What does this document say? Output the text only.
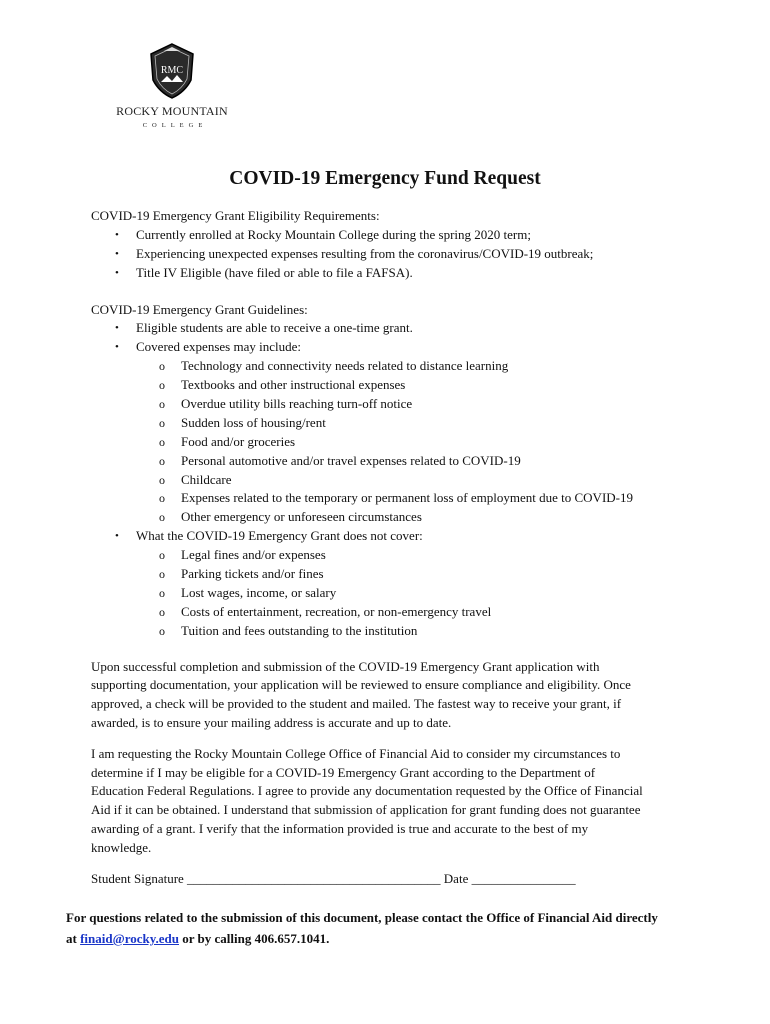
RMC
ROCKY MOUNTAIN
COLLEGE
COVID-19 Emergency Fund Request
COVID-19 Emergency Grant Eligibility Requirements:
• Currently enrolled at Rocky Mountain College during the spring 2020 term;
• Experiencing unexpected expenses resulting from the coronavirus/COVID-19 outbreak;
• Title IV Eligible (have filed or able to file a FAFSA).
COVID-19 Emergency Grant Guidelines:
• Eligible students are able to receive a one-time grant.
• Covered expenses may include:
o Technology and connectivity needs related to distance learning
o Textbooks and other instructional expenses
o Overdue utility bills reaching turn-off notice
o Sudden loss of housing/rent
o Food and/or groceries
o Personal automotive and/or travel expenses related to COVID-19
o Childcare
o Expenses related to the temporary or permanent loss of employment due to COVID-19
o Other emergency or unforeseen circumstances
• What the COVID-19 Emergency Grant does not cover:
o Legal fines and/or expenses
o Parking tickets and/or fines
o Lost wages, income, or salary
o Costs of entertainment, recreation, or non-emergency travel
o Tuition and fees outstanding to the institution
Upon successful completion and submission of the COVID-19 Emergency Grant application with
supporting documentation, your application will be reviewed to ensure compliance and eligibility. Once
approved, a check will be provided to the student and mailed. The fastest way to receive your grant, if
awarded, is to ensure your mailing address is accurate and up to date.
I am requesting the Rocky Mountain College Office of Financial Aid to consider my circumstances to
determine if I may be eligible for a COVID-19 Emergency Grant according to the Department of
Education Federal Regulations. I agree to provide any documentation requested by the Office of Financial
Aid if it can be obtained. I understand that submission of application for grant funding does not guarantee
awarding of a grant. I verify that the information provided is true and accurate to the best of my
knowledge.
Student Signature _______________________________________ Date ________________
For questions related to the submission of this document, please contact the Office of Financial Aid directly
at finaid@rocky.edu or by calling 406.657.1041.
